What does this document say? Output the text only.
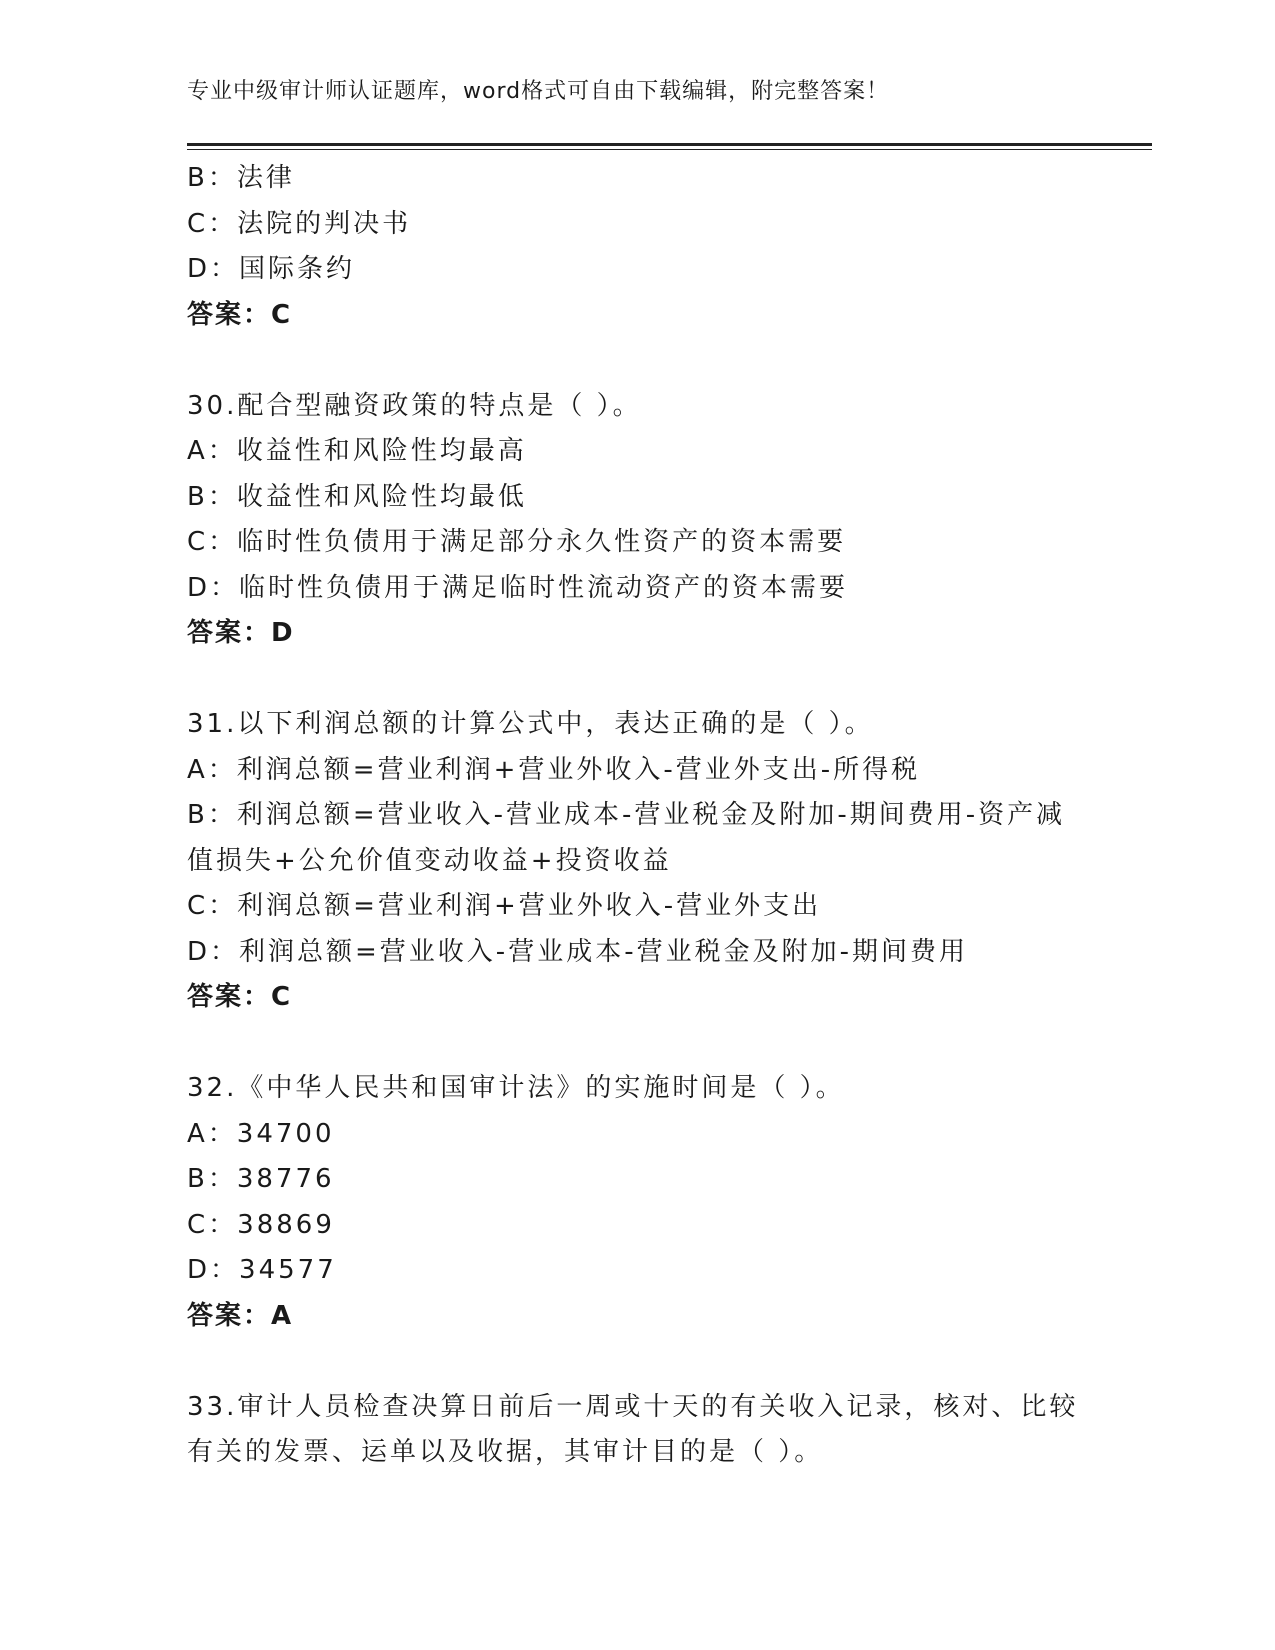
专业中级审计师认证题库，word格式可自由下载编辑，附完整答案！
B：法律
C：法院的判决书
D：国际条约
答案：C
30.配合型融资政策的特点是（ ）。
A：收益性和风险性均最高
B：收益性和风险性均最低
C：临时性负债用于满足部分永久性资产的资本需要
D：临时性负债用于满足临时性流动资产的资本需要
答案：D
31.以下利润总额的计算公式中，表达正确的是（ ）。
A：利润总额=营业利润+营业外收入-营业外支出-所得税
B：利润总额=营业收入-营业成本-营业税金及附加-期间费用-资产减
值损失+公允价值变动收益+投资收益
C：利润总额=营业利润+营业外收入-营业外支出
D：利润总额=营业收入-营业成本-营业税金及附加-期间费用
答案：C
32.《中华人民共和国审计法》的实施时间是（ ）。
A：34700
B：38776
C：38869
D：34577
答案：A
33.审计人员检查决算日前后一周或十天的有关收入记录，核对、比较
有关的发票、运单以及收据，其审计目的是（ ）。
